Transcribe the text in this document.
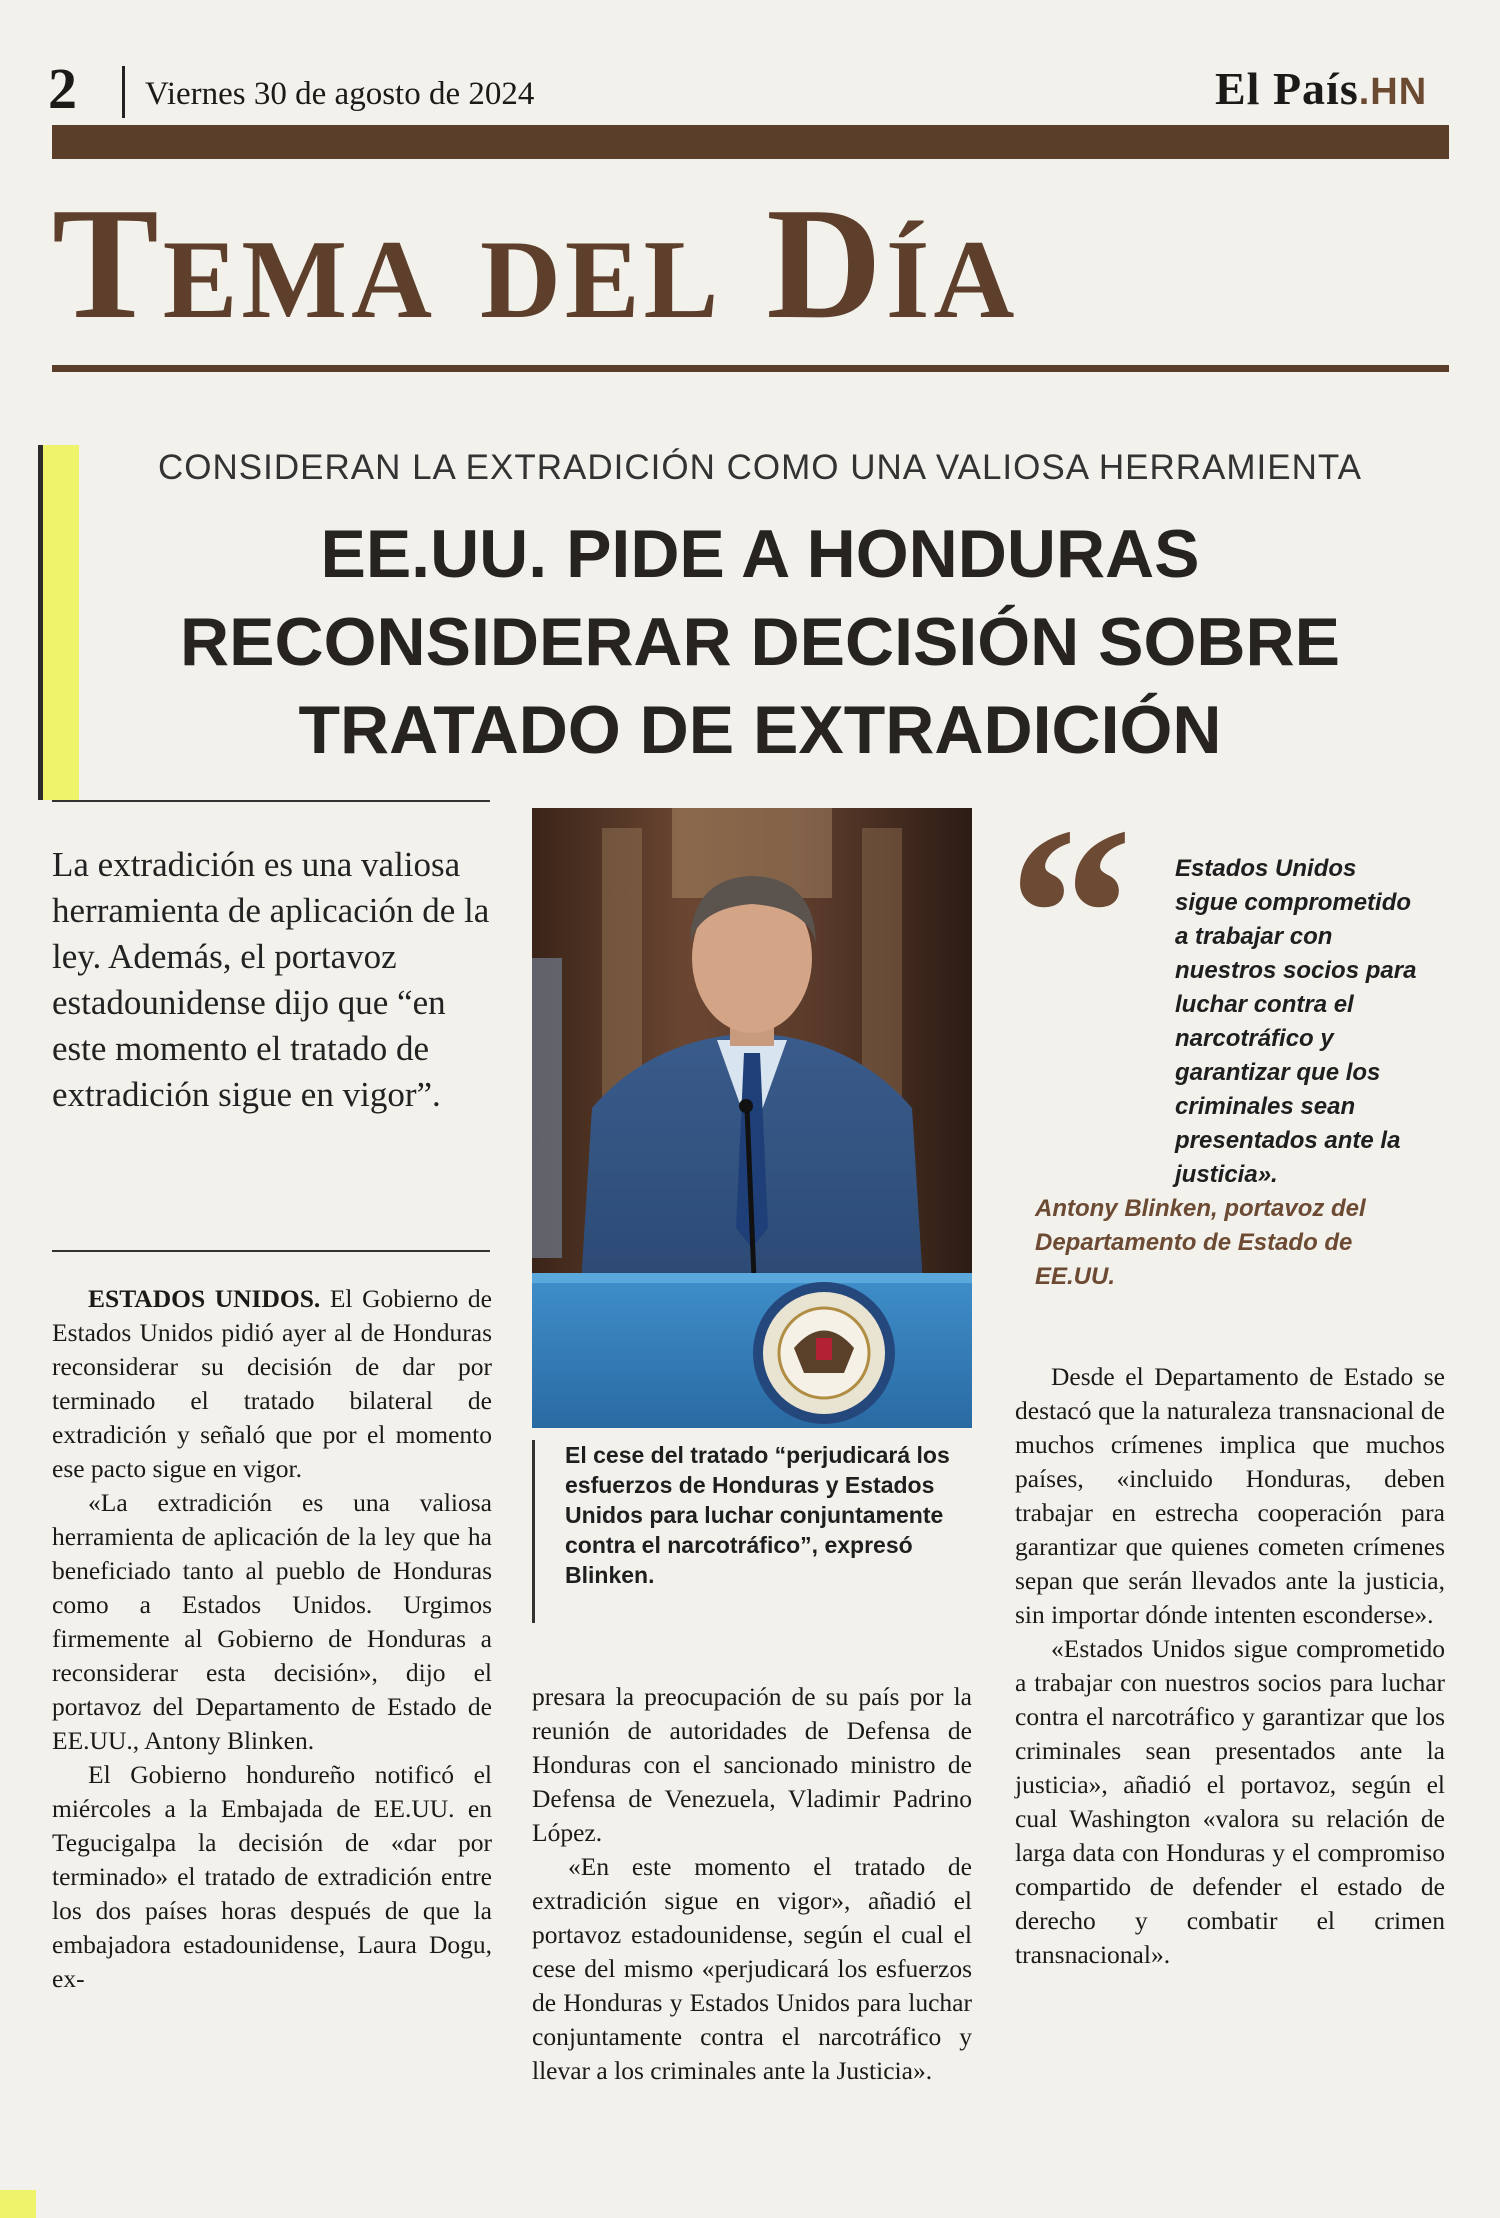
2 Viernes 30 de agosto de 2024	El País.HN
Tema del Día
CONSIDERAN LA EXTRADICIÓN COMO UNA VALIOSA HERRAMIENTA
EE.UU. PIDE A HONDURAS RECONSIDERAR DECISIÓN SOBRE TRATADO DE EXTRADICIÓN

La extradición es una valiosa herramienta de aplicación de la ley. Además, el portavoz estadounidense dijo que “en este momento el tratado de extradición sigue en vigor”.

El cese del tratado “perjudicará los esfuerzos de Honduras y Estados Unidos para luchar conjuntamente contra el narcotráfico”, expresó Blinken.

“	Estados Unidos sigue comprometido a trabajar con nuestros socios para luchar contra el narcotráfico y garantizar que los criminales sean presentados ante la justicia».
Antony Blinken, portavoz del Departamento de Estado de EE.UU.

ESTADOS UNIDOS. El Gobierno de Estados Unidos pidió ayer al de Honduras reconsiderar su decisión de dar por terminado el tratado bilateral de extradición y señaló que por el momento ese pacto sigue en vigor.

«La extradición es una valiosa herramienta de aplicación de la ley que ha beneficiado tanto al pueblo de Honduras como a Estados Unidos. Urgimos firmemente al Gobierno de Honduras a reconsiderar esta decisión», dijo el portavoz del Departamento de Estado de EE.UU., Antony Blinken.

El Gobierno hondureño notificó el miércoles a la Embajada de EE.UU. en Tegucigalpa la decisión de «dar por terminado» el tratado de extradición entre los dos países horas después de que la embajadora estadounidense, Laura Dogu, ex-

presara la preocupación de su país por la reunión de autoridades de Defensa de Honduras con el sancionado ministro de Defensa de Venezuela, Vladimir Padrino López.

«En este momento el tratado de extradición sigue en vigor», añadió el portavoz estadounidense, según el cual el cese del mismo «perjudicará los esfuerzos de Honduras y Estados Unidos para luchar conjuntamente contra el narcotráfico y llevar a los criminales ante la Justicia».

Desde el Departamento de Estado se destacó que la naturaleza transnacional de muchos crímenes implica que muchos países, «incluido Honduras, deben trabajar en estrecha cooperación para garantizar que quienes cometen crímenes sepan que serán llevados ante la justicia, sin importar dónde intenten esconderse».

«Estados Unidos sigue comprometido a trabajar con nuestros socios para luchar contra el narcotráfico y garantizar que los criminales sean presentados ante la justicia», añadió el portavoz, según el cual Washington «valora su relación de larga data con Honduras y el compromiso compartido de defender el estado de derecho y combatir el crimen transnacional».
